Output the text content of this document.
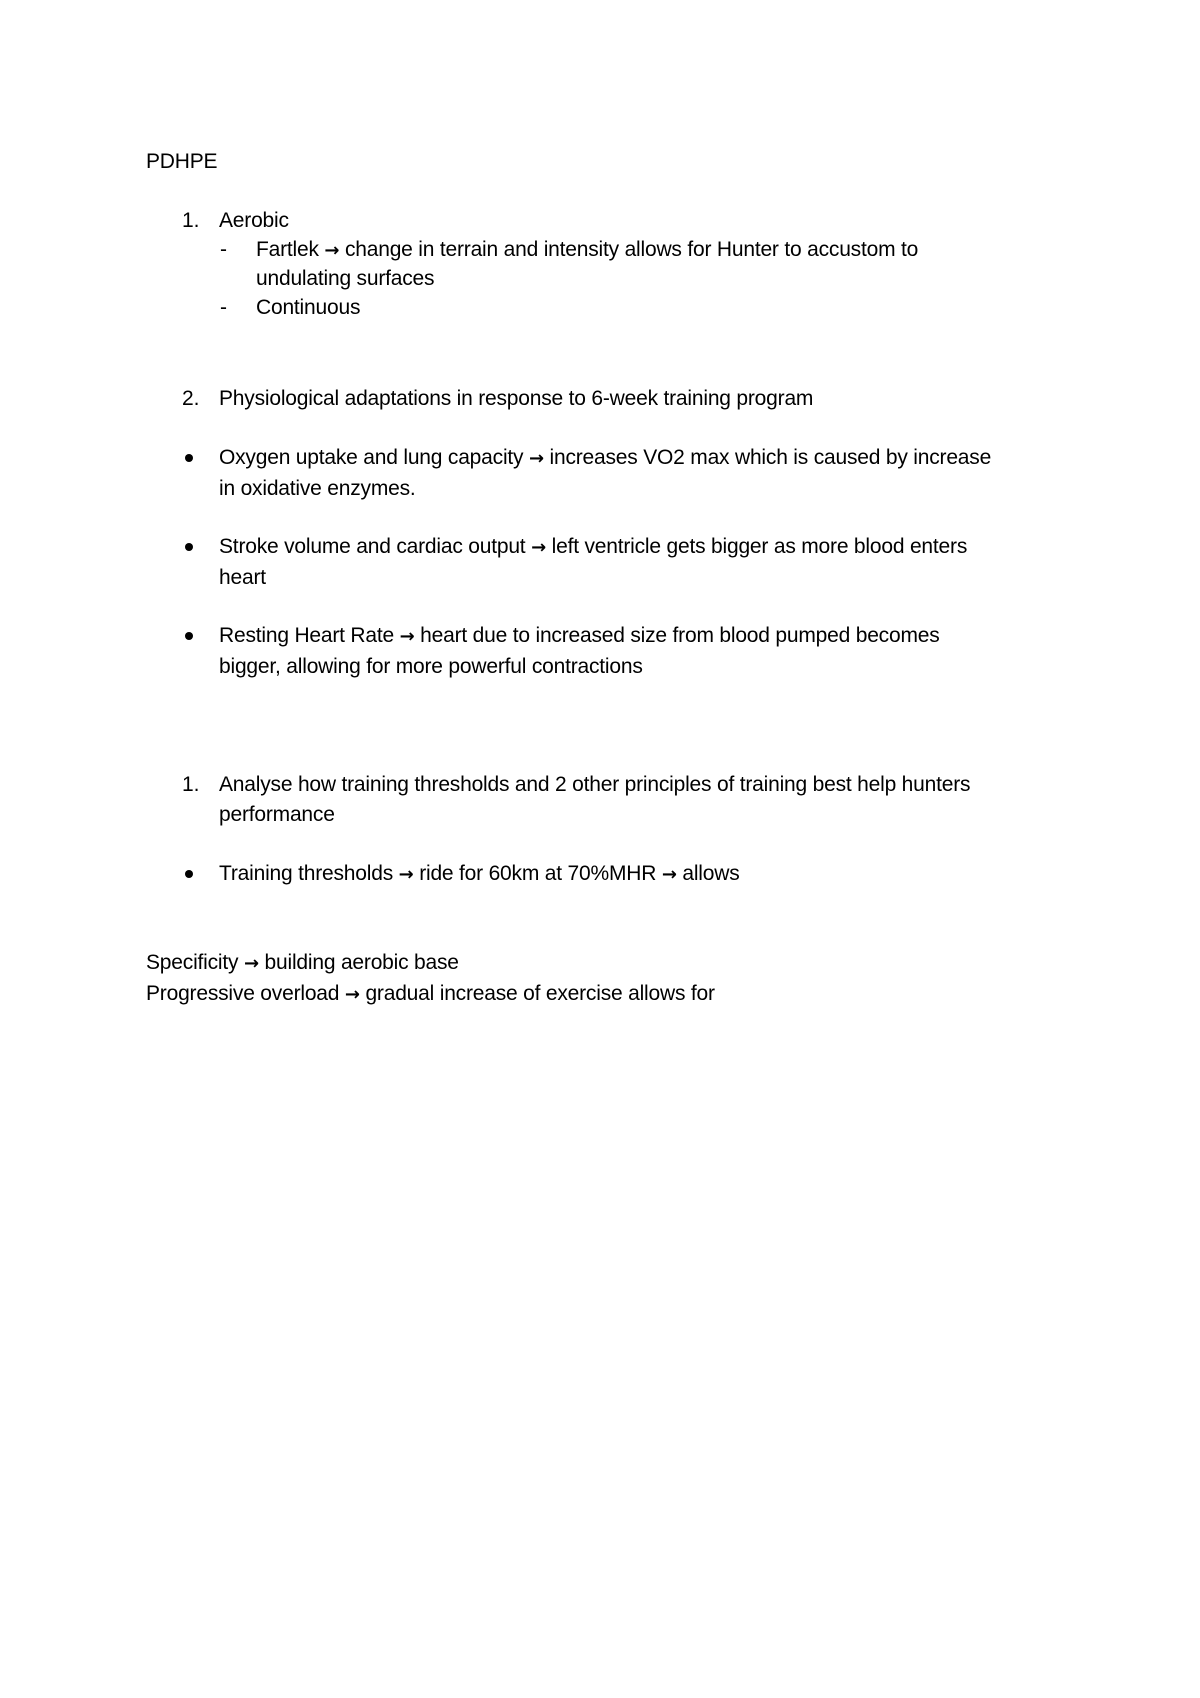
PDHPE
1. Aerobic
- Fartlek → change in terrain and intensity allows for Hunter to accustom to
undulating surfaces
- Continuous
2. Physiological adaptations in response to 6-week training program
Oxygen uptake and lung capacity → increases VO2 max which is caused by increase
in oxidative enzymes.
Stroke volume and cardiac output → left ventricle gets bigger as more blood enters
heart
Resting Heart Rate → heart due to increased size from blood pumped becomes
bigger, allowing for more powerful contractions
1. Analyse how training thresholds and 2 other principles of training best help hunters
performance
Training thresholds → ride for 60km at 70%MHR → allows
Specificity → building aerobic base
Progressive overload → gradual increase of exercise allows for
